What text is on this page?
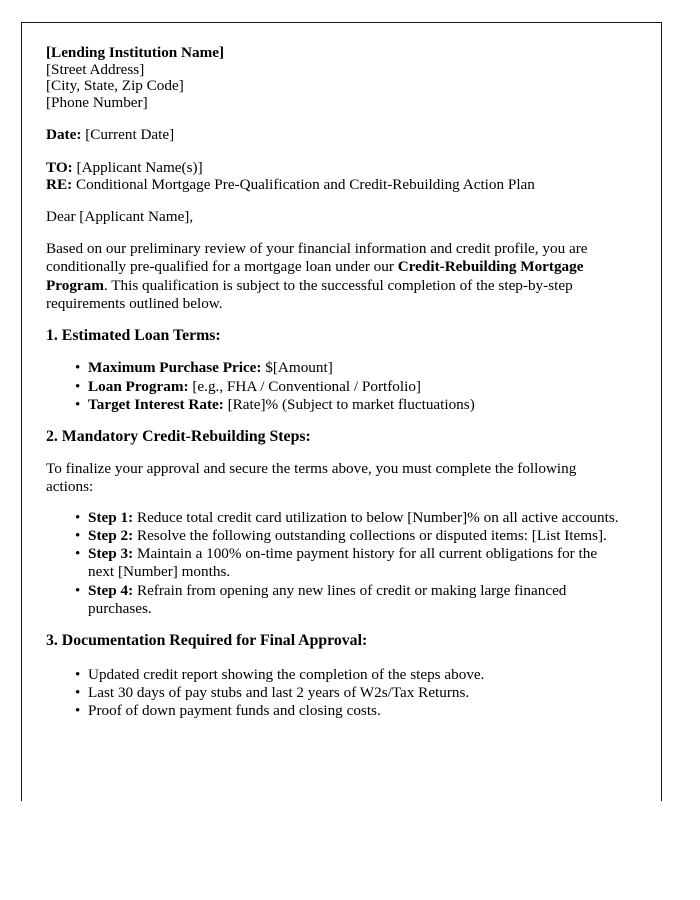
[Lending Institution Name]
[Street Address]
[City, State, Zip Code]
[Phone Number]
Date: [Current Date]
TO: [Applicant Name(s)]
RE: Conditional Mortgage Pre-Qualification and Credit-Rebuilding Action Plan
Dear [Applicant Name],
Based on our preliminary review of your financial information and credit profile, you are conditionally pre-qualified for a mortgage loan under our Credit-Rebuilding Mortgage Program. This qualification is subject to the successful completion of the step-by-step requirements outlined below.
1. Estimated Loan Terms:
• Maximum Purchase Price: $[Amount]
• Loan Program: [e.g., FHA / Conventional / Portfolio]
• Target Interest Rate: [Rate]% (Subject to market fluctuations)
2. Mandatory Credit-Rebuilding Steps:
To finalize your approval and secure the terms above, you must complete the following actions:
• Step 1: Reduce total credit card utilization to below [Number]% on all active accounts.
• Step 2: Resolve the following outstanding collections or disputed items: [List Items].
• Step 3: Maintain a 100% on-time payment history for all current obligations for the next [Number] months.
• Step 4: Refrain from opening any new lines of credit or making large financed purchases.
3. Documentation Required for Final Approval:
• Updated credit report showing the completion of the steps above.
• Last 30 days of pay stubs and last 2 years of W2s/Tax Returns.
• Proof of down payment funds and closing costs.
